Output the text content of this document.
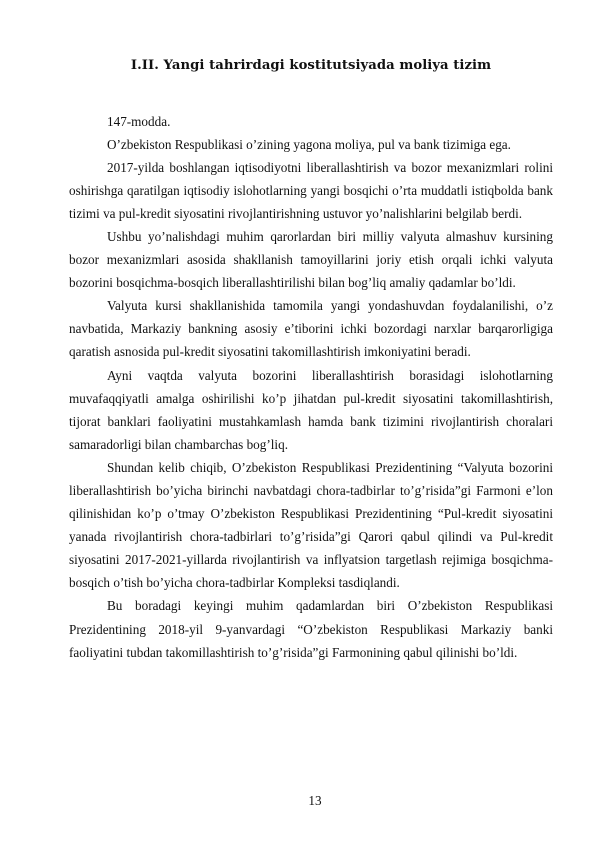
I.II. Yangi tahrirdagi kostitutsiyada moliya tizim

147-modda.

O’zbekiston Respublikasi o’zining yagona moliya, pul va bank tizimiga ega.

2017-yilda boshlangan iqtisodiyotni liberallashtirish va bozor mexanizmlari rolini oshirishga qaratilgan iqtisodiy islohotlarning yangi bosqichi o’rta muddatli istiqbolda bank tizimi va pul-kredit siyosatini rivojlantirishning ustuvor yo’nalishlarini belgilab berdi.

Ushbu yo’nalishdagi muhim qarorlardan biri milliy valyuta almashuv kursining bozor mexanizmlari asosida shakllanish tamoyillarini joriy etish orqali ichki valyuta bozorini bosqichma-bosqich liberallashtirilishi bilan bog’liq amaliy qadamlar bo’ldi.

Valyuta kursi shakllanishida tamomila yangi yondashuvdan foydalanilishi, o’z navbatida, Markaziy bankning asosiy e’tiborini ichki bozordagi narxlar barqarorligiga qaratish asnosida pul-kredit siyosatini takomillashtirish imkoniyatini beradi.

Ayni vaqtda valyuta bozorini liberallashtirish borasidagi islohotlarning muvafaqqiyatli amalga oshirilishi ko’p jihatdan pul-kredit siyosatini takomillashtirish, tijorat banklari faoliyatini mustahkamlash hamda bank tizimini rivojlantirish choralari samaradorligi bilan chambarchas bog’liq.

Shundan kelib chiqib, O’zbekiston Respublikasi Prezidentining “Valyuta bozorini liberallashtirish bo’yicha birinchi navbatdagi chora-tadbirlar to’g’risida”gi Farmoni e’lon qilinishidan ko’p o’tmay O’zbekiston Respublikasi Prezidentining “Pul-kredit siyosatini yanada rivojlantirish chora-tadbirlari to’g’risida”gi Qarori qabul qilindi va Pul-kredit siyosatini 2017-2021-yillarda rivojlantirish va inflyatsion targetlash rejimiga bosqichma-bosqich o’tish bo’yicha chora-tadbirlar Kompleksi tasdiqlandi.

Bu boradagi keyingi muhim qadamlardan biri O’zbekiston Respublikasi Prezidentining 2018-yil 9-yanvardagi “O’zbekiston Respublikasi Markaziy banki faoliyatini tubdan takomillashtirish to’g’risida”gi Farmonining qabul qilinishi bo’ldi.

13
